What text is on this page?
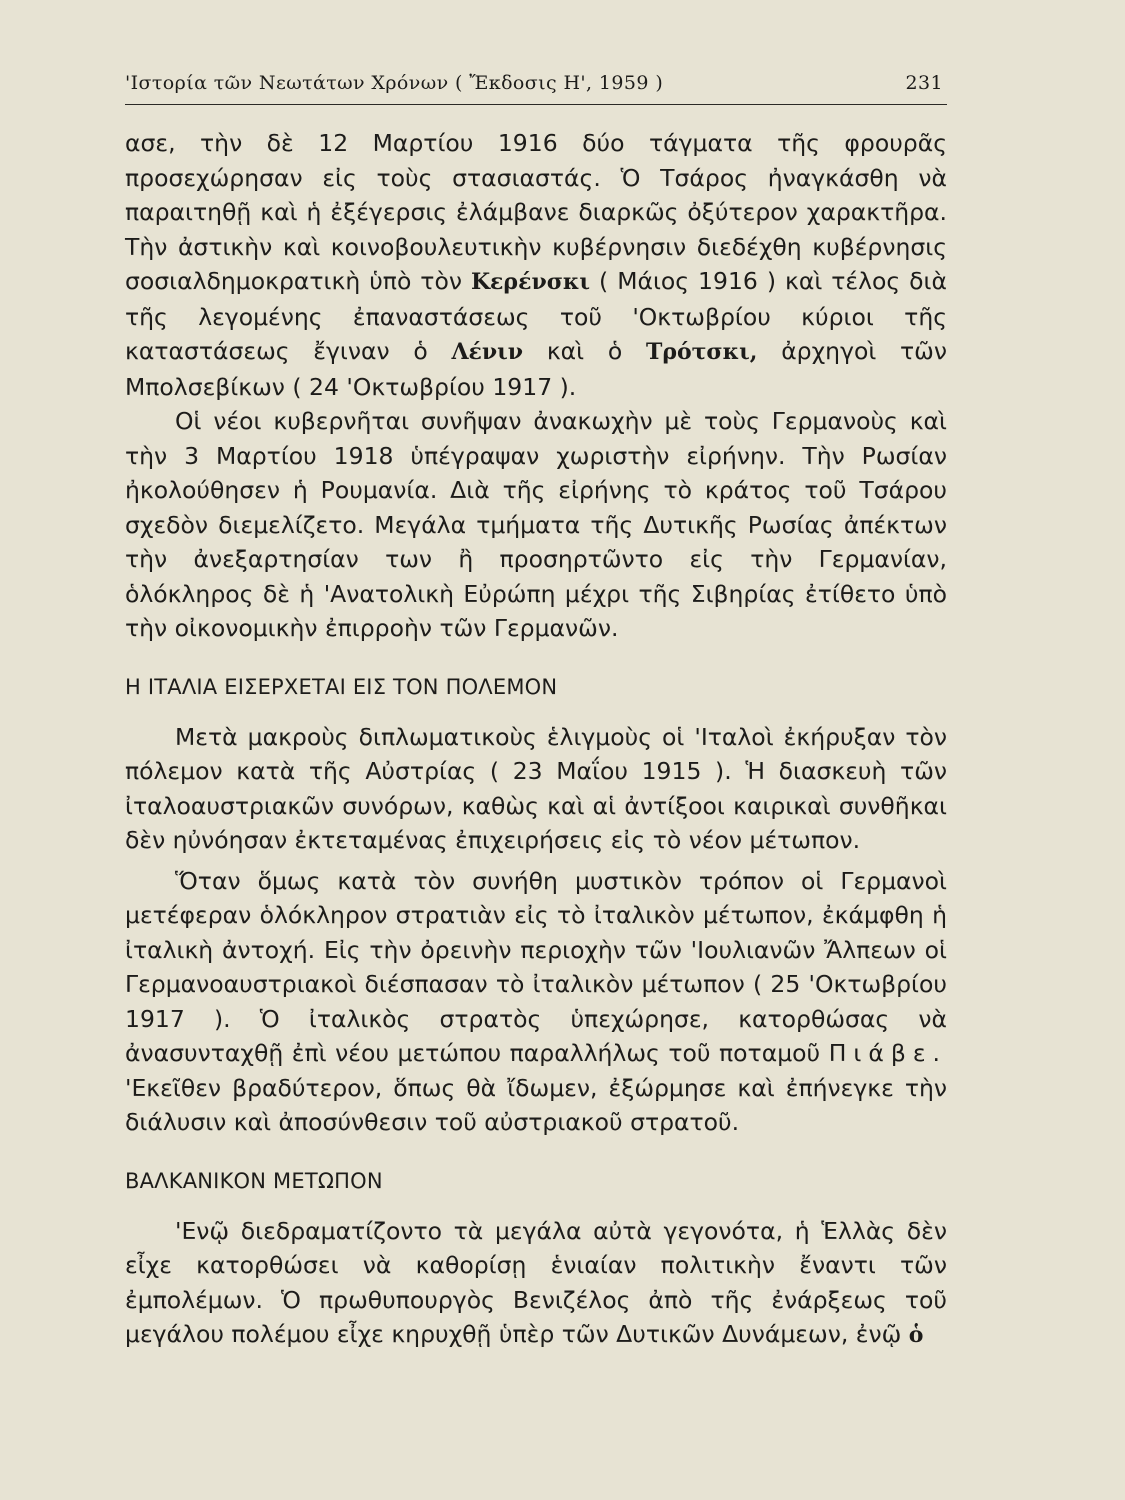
'Ιστορία τῶν Νεωτάτων Χρόνων ( Ἔκδοσις Η', 1959 )	231

ασε, τὴν δὲ 12 Μαρτίου 1916 δύο τάγματα τῆς φρουρᾶς προσεχώρησαν εἰς τοὺς στασιαστάς. Ὁ Τσάρος ἠναγκάσθη νὰ παραιτηθῇ καὶ ἡ ἐξέγερσις ἐλάμβανε διαρκῶς ὀξύτερον χαρακτῆρα. Τὴν ἀστικὴν καὶ κοινοβουλευτικὴν κυβέρνησιν διεδέχθη κυβέρνησις σοσιαλδημοκρατικὴ ὑπὸ τὸν Κερένσκι ( Μάιος 1916 ) καὶ τέλος διὰ τῆς λεγομένης ἐπαναστάσεως τοῦ 'Οκτωβρίου κύριοι τῆς καταστάσεως ἔγιναν ὁ Λένιν καὶ ὁ Τρότσκι, ἀρχηγοὶ τῶν Μπολσεβίκων ( 24 'Οκτωβρίου 1917 ).

Οἱ νέοι κυβερνῆται συνῆψαν ἀνακωχὴν μὲ τοὺς Γερμανοὺς καὶ τὴν 3 Μαρτίου 1918 ὑπέγραψαν χωριστὴν εἰρήνην. Τὴν Ρωσίαν ἠκολούθησεν ἡ Ρουμανία. Διὰ τῆς εἰρήνης τὸ κράτος τοῦ Τσάρου σχεδὸν διεμελίζετο. Μεγάλα τμήματα τῆς Δυτικῆς Ρωσίας ἀπέκτων τὴν ἀνεξαρτησίαν των ἢ προσηρτῶντο εἰς τὴν Γερμανίαν, ὁλόκληρος δὲ ἡ 'Ανατολικὴ Εὐρώπη μέχρι τῆς Σιβηρίας ἐτίθετο ὑπὸ τὴν οἰκονομικὴν ἐπιρροὴν τῶν Γερμανῶν.

Η ΙΤΑΛΙΑ ΕΙΣΕΡΧΕΤΑΙ ΕΙΣ ΤΟΝ ΠΟΛΕΜΟΝ

Μετὰ μακροὺς διπλωματικοὺς ἑλιγμοὺς οἱ 'Ιταλοὶ ἐκήρυξαν τὸν πόλεμον κατὰ τῆς Αὐστρίας ( 23 Μαΐου 1915 ). Ἡ διασκευὴ τῶν ἰταλοαυστριακῶν συνόρων, καθὼς καὶ αἱ ἀντίξοοι καιρικαὶ συνθῆκαι δὲν ηὐνόησαν ἐκτεταμένας ἐπιχειρήσεις εἰς τὸ νέον μέτωπον.

Ὅταν ὅμως κατὰ τὸν συνήθη μυστικὸν τρόπον οἱ Γερμανοὶ μετέφεραν ὁλόκληρον στρατιὰν εἰς τὸ ἰταλικὸν μέτωπον, ἐκάμφθη ἡ ἰταλικὴ ἀντοχή. Εἰς τὴν ὀρεινὴν περιοχὴν τῶν 'Ιουλιανῶν Ἄλπεων οἱ Γερμανοαυστριακοὶ διέσπασαν τὸ ἰταλικὸν μέτωπον ( 25 'Οκτωβρίου 1917 ). Ὁ ἰταλικὸς στρατὸς ὑπεχώρησε, κατορθώσας νὰ ἀνασυνταχθῇ ἐπὶ νέου μετώπου παραλλήλως τοῦ ποταμοῦ Πιάβε. 'Εκεῖθεν βραδύτερον, ὅπως θὰ ἴδωμεν, ἐξώρμησε καὶ ἐπήνεγκε τὴν διάλυσιν καὶ ἀποσύνθεσιν τοῦ αὐστριακοῦ στρατοῦ.

ΒΑΛΚΑΝΙΚΟΝ ΜΕΤΩΠΟΝ

'Ενῷ διεδραματίζοντο τὰ μεγάλα αὐτὰ γεγονότα, ἡ Ἑλλὰς δὲν εἶχε κατορθώσει νὰ καθορίσῃ ἑνιαίαν πολιτικὴν ἔναντι τῶν ἐμπολέμων. Ὁ πρωθυπουργὸς Βενιζέλος ἀπὸ τῆς ἐνάρξεως τοῦ μεγάλου πολέμου εἶχε κηρυχθῇ ὑπὲρ τῶν Δυτικῶν Δυνάμεων, ἐνῷ ὁ
